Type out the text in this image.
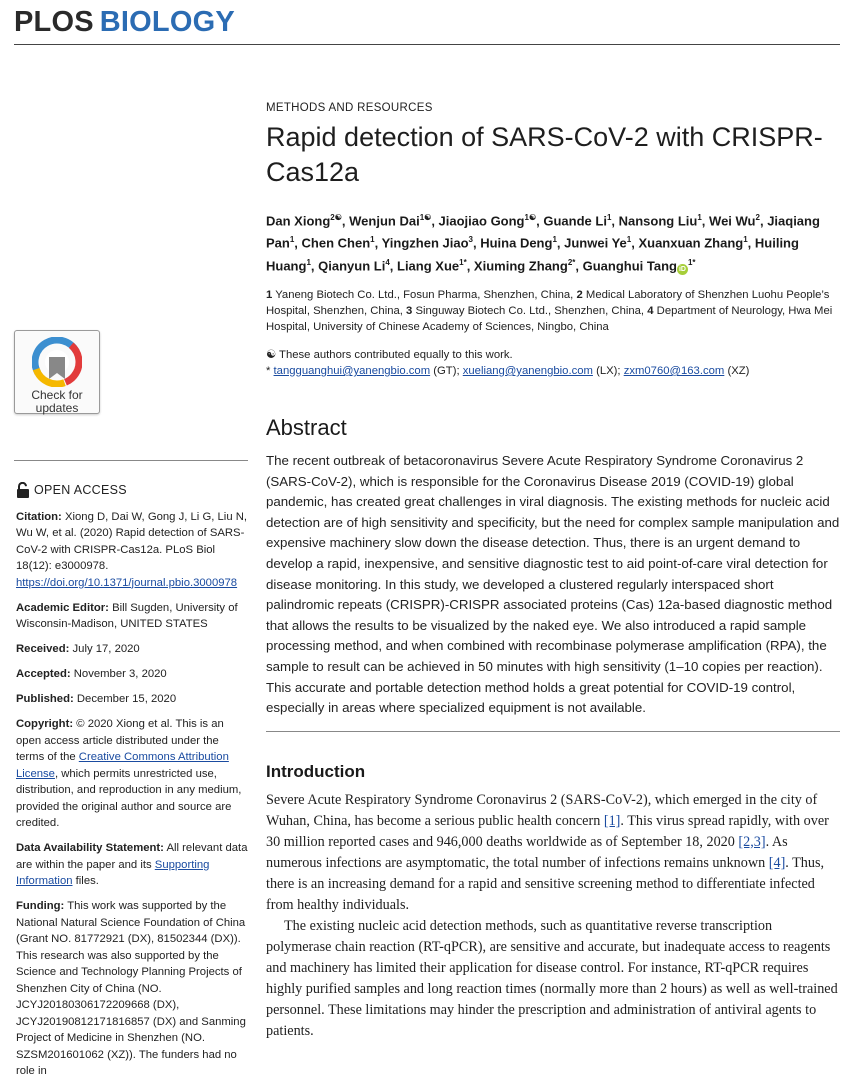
PLOS BIOLOGY
Check for
updates
OPEN ACCESS

Citation: Xiong D, Dai W, Gong J, Li G, Liu N, Wu W, et al. (2020) Rapid detection of SARS-CoV-2 with CRISPR-Cas12a. PLoS Biol 18(12): e3000978. https://doi.org/10.1371/journal.pbio.3000978

Academic Editor: Bill Sugden, University of Wisconsin-Madison, UNITED STATES

Received: July 17, 2020

Accepted: November 3, 2020

Published: December 15, 2020

Copyright: © 2020 Xiong et al. This is an open access article distributed under the terms of the Creative Commons Attribution License, which permits unrestricted use, distribution, and reproduction in any medium, provided the original author and source are credited.

Data Availability Statement: All relevant data are within the paper and its Supporting Information files.

Funding: This work was supported by the National Natural Science Foundation of China (Grant NO. 81772921 (DX), 81502344 (DX)). This research was also supported by the Science and Technology Planning Projects of Shenzhen City of China (NO. JCYJ20180306172209668 (DX), JCYJ20190812171816857 (DX) and Sanming Project of Medicine in Shenzhen (NO. SZSM201601062 (XZ)). The funders had no role in

METHODS AND RESOURCES

Rapid detection of SARS-CoV-2 with CRISPR-Cas12a

Dan Xiong$^{2☯}$, Wenjun Dai$^{1☯}$, Jiaojiao Gong$^{1☯}$, Guande Li$^1$, Nansong Liu$^1$, Wei Wu$^2$, Jiaqiang Pan$^1$, Chen Chen$^1$, Yingzhen Jiao$^3$, Huina Deng$^1$, Junwei Ye$^1$, Xuanxuan Zhang$^1$, Huiling Huang$^1$, Qianyun Li$^4$, Liang Xue$^{1*}$, Xiuming Zhang$^{2*}$, Guanghui Tang $iD^{1*}$

1 Yaneng Biotech Co. Ltd., Fosun Pharma, Shenzhen, China, 2 Medical Laboratory of Shenzhen Luohu People’s Hospital, Shenzhen, China, 3 Singuway Biotech Co. Ltd., Shenzhen, China, 4 Department of Neurology, Hwa Mei Hospital, University of Chinese Academy of Sciences, Ningbo, China

☯ These authors contributed equally to this work.
* tangguanghui@yanengbio.com (GT); xueliang@yanengbio.com (LX); zxm0760@163.com (XZ)

Abstract

The recent outbreak of betacoronavirus Severe Acute Respiratory Syndrome Coronavirus 2 (SARS-CoV-2), which is responsible for the Coronavirus Disease 2019 (COVID-19) global pandemic, has created great challenges in viral diagnosis. The existing methods for nucleic acid detection are of high sensitivity and specificity, but the need for complex sample manipulation and expensive machinery slow down the disease detection. Thus, there is an urgent demand to develop a rapid, inexpensive, and sensitive diagnostic test to aid point-of-care viral detection for disease monitoring. In this study, we developed a clustered regularly interspaced short palindromic repeats (CRISPR)-CRISPR associated proteins (Cas) 12a-based diagnostic method that allows the results to be visualized by the naked eye. We also introduced a rapid sample processing method, and when combined with recombinase polymerase amplification (RPA), the sample to result can be achieved in 50 minutes with high sensitivity (1–10 copies per reaction). This accurate and portable detection method holds a great potential for COVID-19 control, especially in areas where specialized equipment is not available.

Introduction

Severe Acute Respiratory Syndrome Coronavirus 2 (SARS-CoV-2), which emerged in the city of Wuhan, China, has become a serious public health concern [1]. This virus spread rapidly, with over 30 million reported cases and 946,000 deaths worldwide as of September 18, 2020 [2,3]. As numerous infections are asymptomatic, the total number of infections remains unknown [4]. Thus, there is an increasing demand for a rapid and sensitive screening method to differentiate infected from healthy individuals.

The existing nucleic acid detection methods, such as quantitative reverse transcription polymerase chain reaction (RT-qPCR), are sensitive and accurate, but inadequate access to reagents and machinery has limited their application for disease control. For instance, RT-qPCR requires highly purified samples and long reaction times (normally more than 2 hours) as well as well-trained personnel. These limitations may hinder the prescription and administration of antiviral agents to patients.
